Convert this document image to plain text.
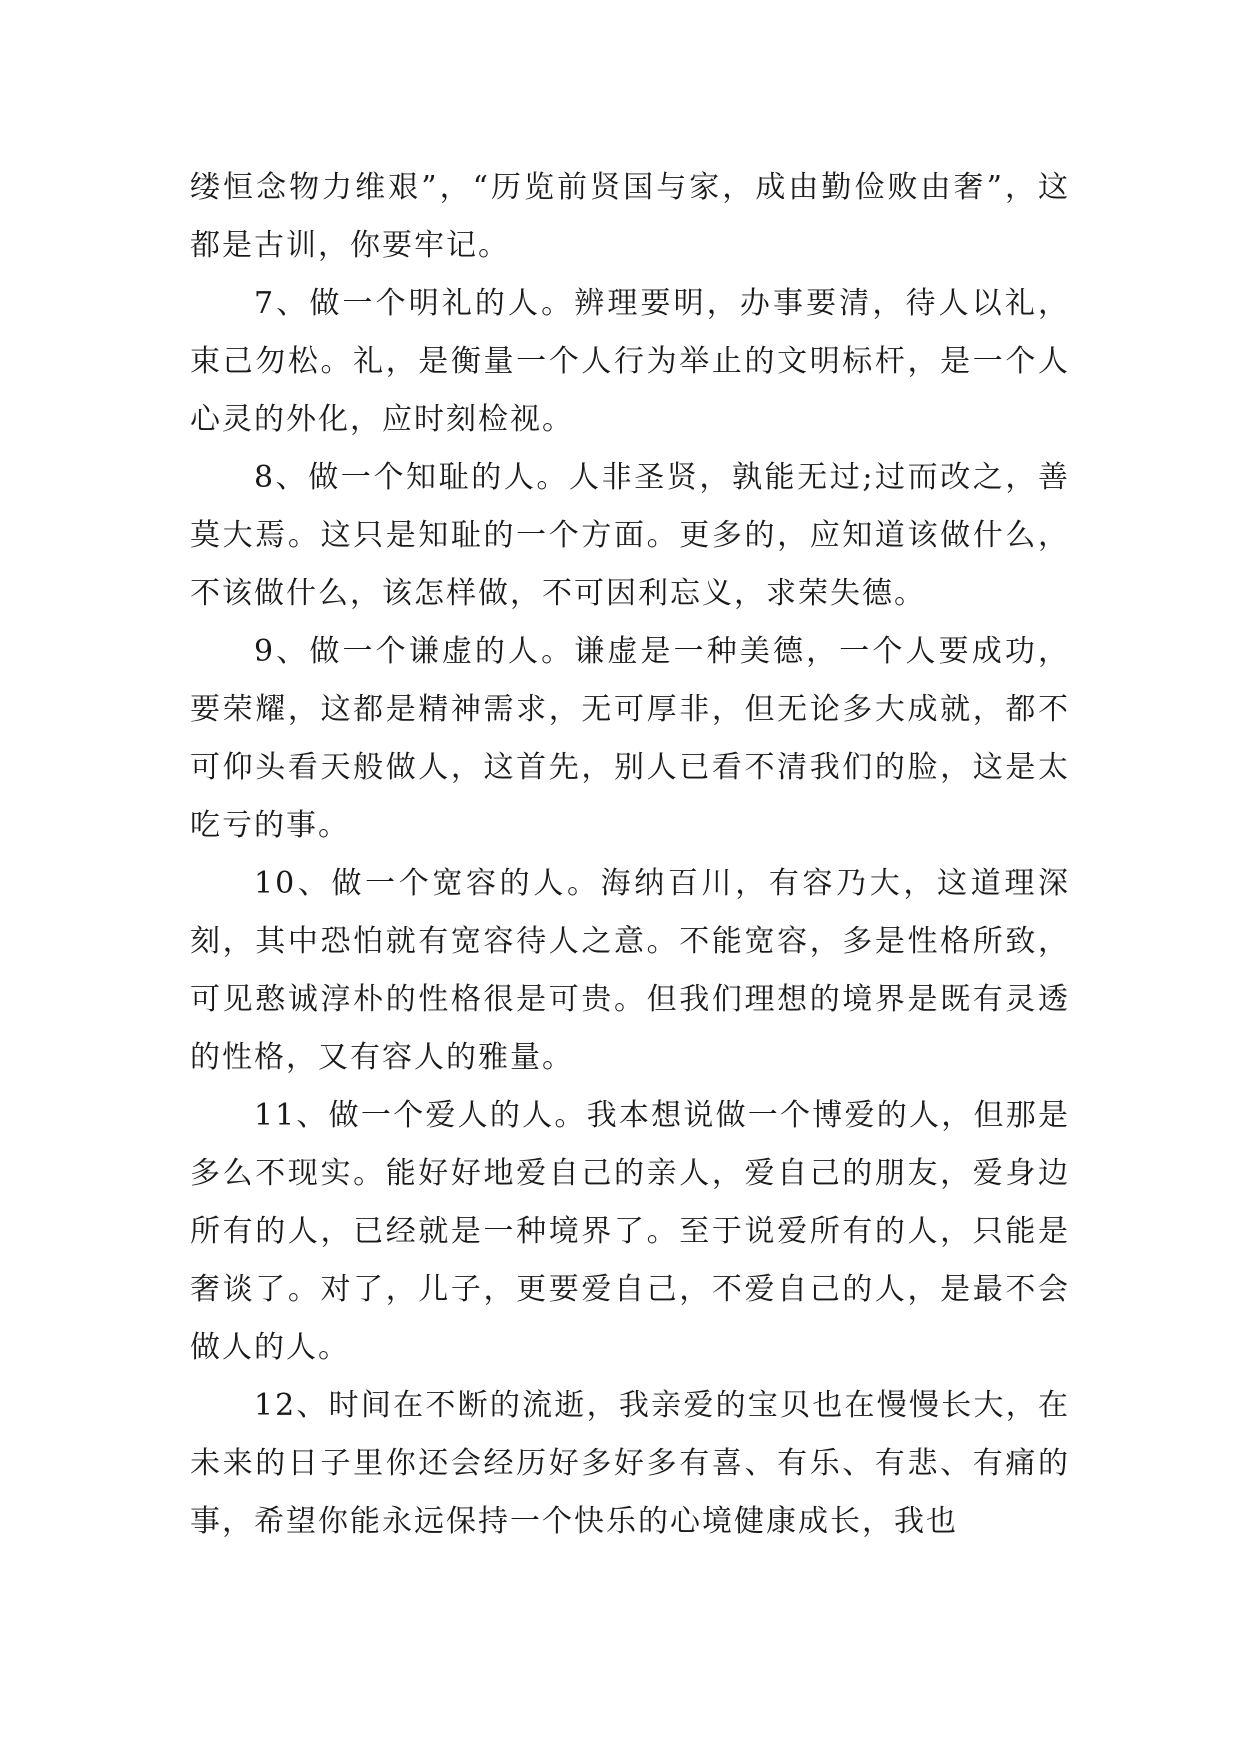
缕恒念物力维艰”，“历览前贤国与家，成由勤俭败由奢”，这都是古训，你要牢记。

7、做一个明礼的人。辨理要明，办事要清，待人以礼，束己勿松。礼，是衡量一个人行为举止的文明标杆，是一个人心灵的外化，应时刻检视。

8、做一个知耻的人。人非圣贤，孰能无过;过而改之，善莫大焉。这只是知耻的一个方面。更多的，应知道该做什么，不该做什么，该怎样做，不可因利忘义，求荣失德。

9、做一个谦虚的人。谦虚是一种美德，一个人要成功，要荣耀，这都是精神需求，无可厚非，但无论多大成就，都不可仰头看天般做人，这首先，别人已看不清我们的脸，这是太吃亏的事。

10、做一个宽容的人。海纳百川，有容乃大，这道理深刻，其中恐怕就有宽容待人之意。不能宽容，多是性格所致，可见憨诚淳朴的性格很是可贵。但我们理想的境界是既有灵透的性格，又有容人的雅量。

11、做一个爱人的人。我本想说做一个博爱的人，但那是多么不现实。能好好地爱自己的亲人，爱自己的朋友，爱身边所有的人，已经就是一种境界了。至于说爱所有的人，只能是奢谈了。对了，儿子，更要爱自己，不爱自己的人，是最不会做人的人。

12、时间在不断的流逝，我亲爱的宝贝也在慢慢长大，在未来的日子里你还会经历好多好多有喜、有乐、有悲、有痛的事，希望你能永远保持一个快乐的心境健康成长，我也
